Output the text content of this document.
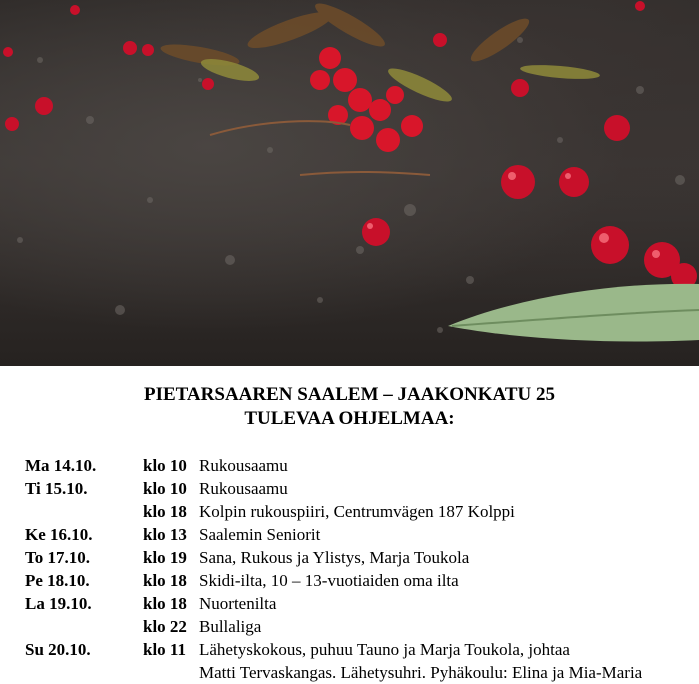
PIETARSAAREN SAALEM – JAAKONKATU 25
TULEVAA OHJELMAA:
Ma 14.10.	klo 10 Rukousaamu
Ti 15.10.	klo 10 Rukousaamu
klo 18 Kolpin rukouspiiri, Centrumvägen 187 Kolppi
Ke 16.10.	klo 13 Saalemin Seniorit
To 17.10.	klo 19 Sana, Rukous ja Ylistys, Marja Toukola
Pe 18.10.	klo 18 Skidi-ilta, 10 – 13-vuotiaiden oma ilta
La 19.10.	klo 18 Nuortenilta
klo 22 Bullaliga
Su 20.10.	klo 11 Lähetyskokous, puhuu Tauno ja Marja Toukola, johtaa
Matti Tervaskangas. Lähetysuhri. Pyhäkoulu: Elina ja Mia-Maria
